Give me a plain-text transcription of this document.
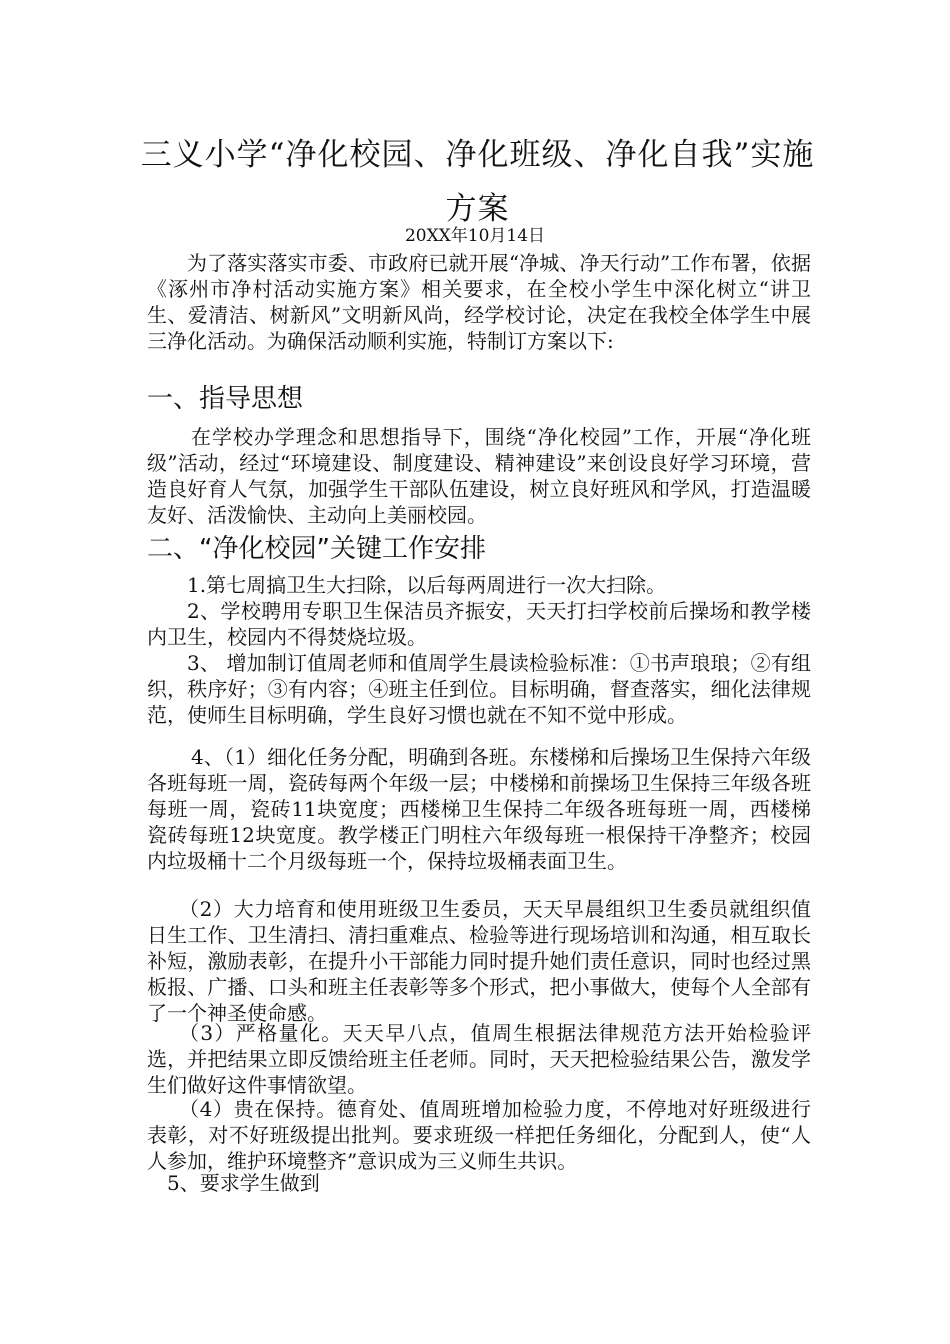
三义小学“净化校园、净化班级、净化自我”实施方案
20XX年10月14日
为了落实落实市委、市政府已就开展“净城、净天行动”工作布署，依据《涿州市净村活动实施方案》相关要求，在全校小学生中深化树立“讲卫生、爱清洁、树新风”文明新风尚，经学校讨论，决定在我校全体学生中展三净化活动。为确保活动顺利实施，特制订方案以下:
一、指导思想
在学校办学理念和思想指导下，围绕“净化校园”工作，开展“净化班级”活动，经过“环境建设、制度建设、精神建设”来创设良好学习环境，营造良好育人气氛，加强学生干部队伍建设，树立良好班风和学风，打造温暖友好、活泼愉快、主动向上美丽校园。
二、“净化校园”关键工作安排
1.第七周搞卫生大扫除，以后每两周进行一次大扫除。
2、学校聘用专职卫生保洁员齐振安，天天打扫学校前后操场和教学楼内卫生，校园内不得焚烧垃圾。
3、 增加制订值周老师和值周学生晨读检验标准：①书声琅琅；②有组织，秩序好；③有内容；④班主任到位。目标明确，督查落实，细化法律规范，使师生目标明确，学生良好习惯也就在不知不觉中形成。
4、（1）细化任务分配，明确到各班。东楼梯和后操场卫生保持六年级各班每班一周，瓷砖每两个年级一层；中楼梯和前操场卫生保持三年级各班每班一周，瓷砖11块宽度；西楼梯卫生保持二年级各班每班一周，西楼梯瓷砖每班12块宽度。教学楼正门明柱六年级每班一根保持干净整齐；校园内垃圾桶十二个月级每班一个，保持垃圾桶表面卫生。
（2）大力培育和使用班级卫生委员，天天早晨组织卫生委员就组织值日生工作、卫生清扫、清扫重难点、检验等进行现场培训和沟通，相互取长补短，激励表彰，在提升小干部能力同时提升她们责任意识，同时也经过黑板报、广播、口头和班主任表彰等多个形式，把小事做大，使每个人全部有了一个神圣使命感。
（3）严格量化。天天早八点，值周生根据法律规范方法开始检验评选，并把结果立即反馈给班主任老师。同时，天天把检验结果公告，激发学生们做好这件事情欲望。
（4）贵在保持。德育处、值周班增加检验力度，不停地对好班级进行表彰，对不好班级提出批判。要求班级一样把任务细化，分配到人，使“人人参加，维护环境整齐”意识成为三义师生共识。
5、要求学生做到
